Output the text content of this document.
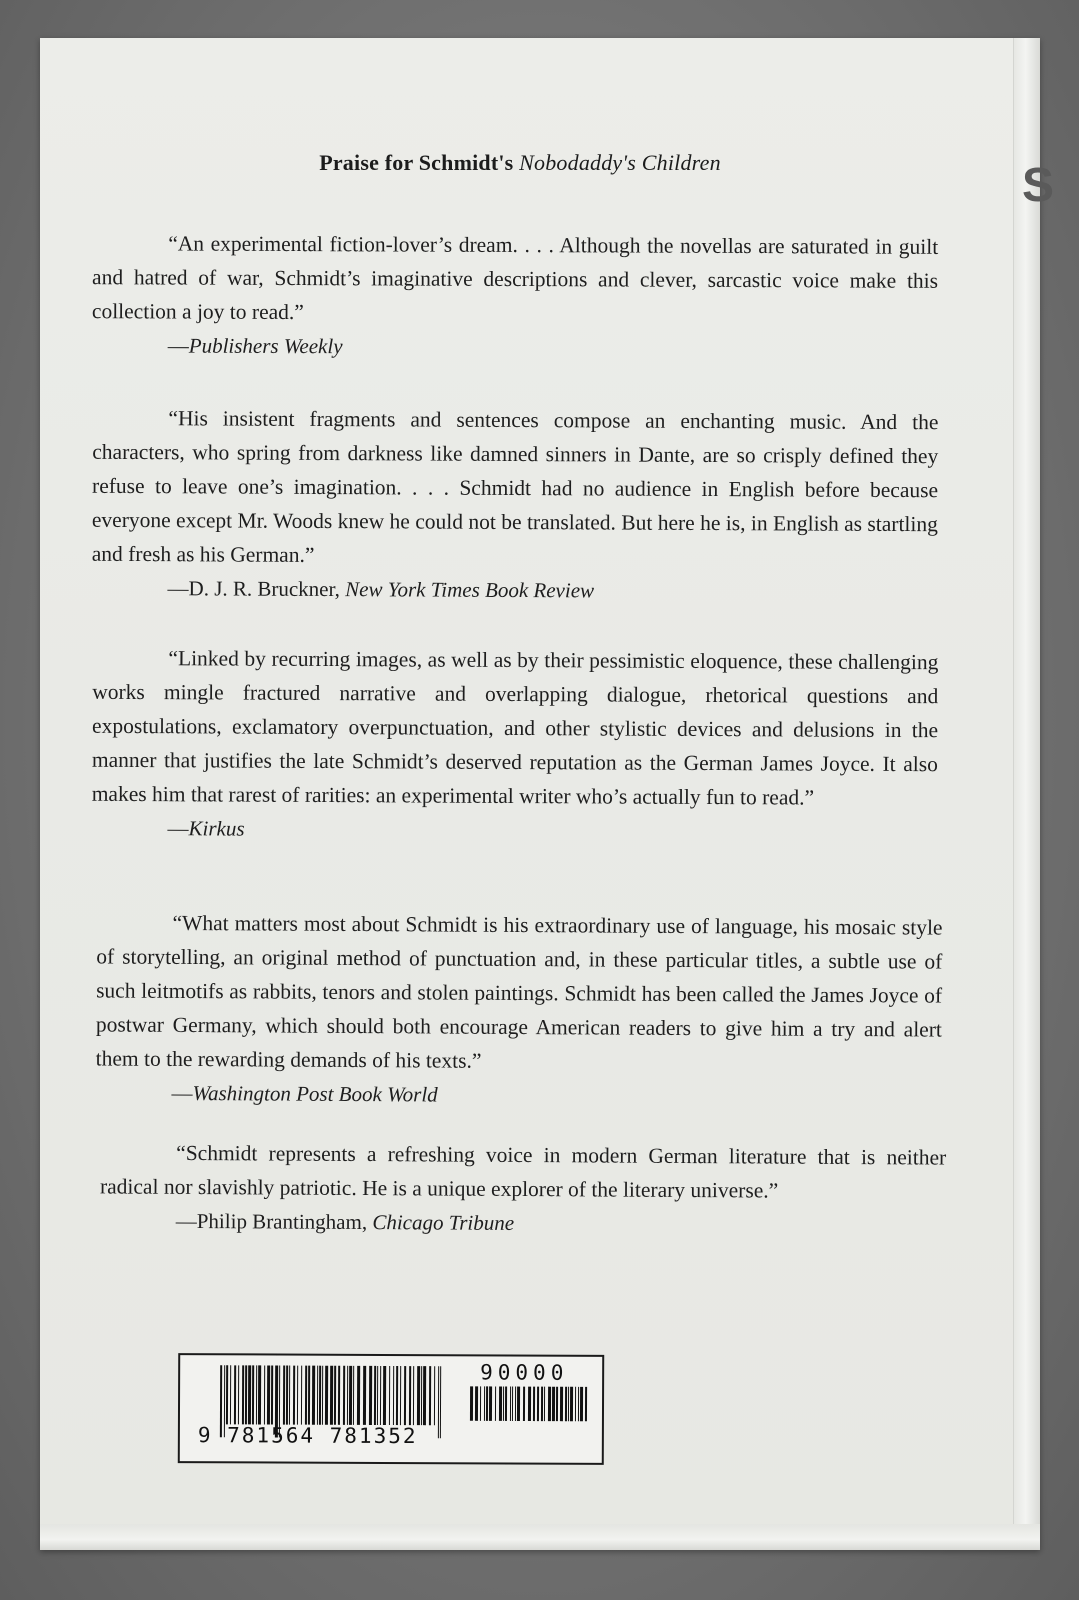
S
Praise for Schmidt's Nobodaddy's Children

“An experimental fiction-lover’s dream. . . . Although the novellas are saturated in guilt and hatred of war, Schmidt’s imaginative descriptions and clever, sarcastic voice make this collection a joy to read.”

—Publishers Weekly

“His insistent fragments and sentences compose an enchanting music. And the characters, who spring from darkness like damned sinners in Dante, are so crisply defined they refuse to leave one’s imagination. . . . Schmidt had no audience in English before because everyone except Mr. Woods knew he could not be translated. But here he is, in English as startling and fresh as his German.”

—D. J. R. Bruckner, New York Times Book Review

“Linked by recurring images, as well as by their pessimistic eloquence, these challenging works mingle fractured narrative and overlapping dialogue, rhetorical questions and expostulations, exclamatory overpunctuation, and other stylistic devices and delusions in the manner that justifies the late Schmidt’s deserved reputation as the German James Joyce. It also makes him that rarest of rarities: an experimental writer who’s actually fun to read.”

—Kirkus

“What matters most about Schmidt is his extraordinary use of language, his mosaic style of storytelling, an original method of punctuation and, in these particular titles, a subtle use of such leitmotifs as rabbits, tenors and stolen paintings. Schmidt has been called the James Joyce of postwar Germany, which should both encourage American readers to give him a try and alert them to the rewarding demands of his texts.”

—Washington Post Book World

“Schmidt represents a refreshing voice in modern German literature that is neither radical nor slavishly patriotic. He is a unique explorer of the literary universe.”

—Philip Brantingham, Chicago Tribune
9 781564 781352
90000
